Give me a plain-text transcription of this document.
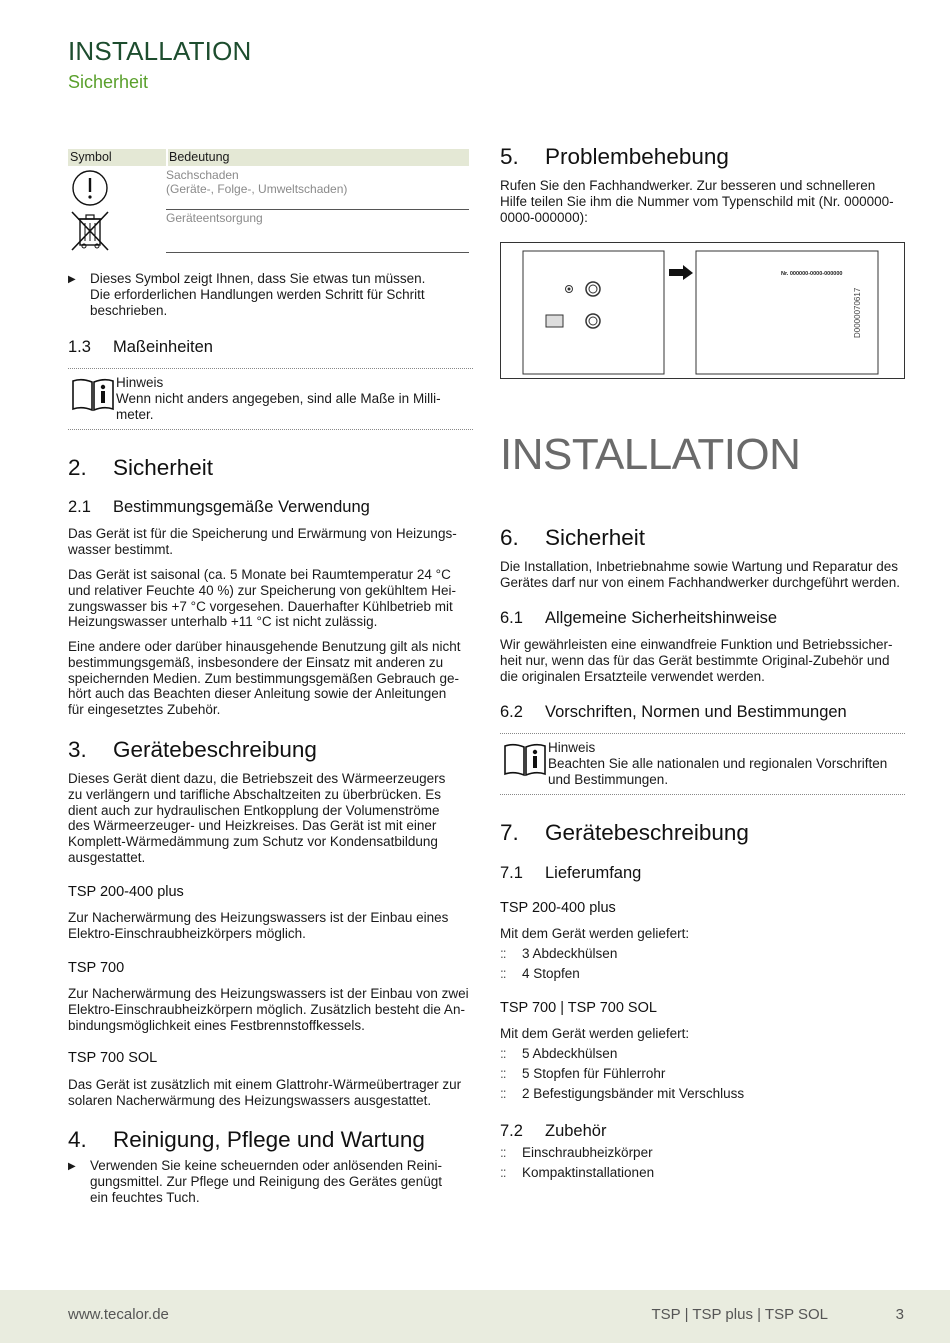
INSTALLATION
Sicherheit
Symbol	Bedeutung
Sachschaden
(Geräte-, Folge-, Umweltschaden)
Geräteentsorgung
▶	Dieses Symbol zeigt Ihnen, dass Sie etwas tun müssen.
Die erforderlichen Handlungen werden Schritt für Schritt
beschrieben.
1.3	Maßeinheiten
Hinweis
Wenn nicht anders angegeben, sind alle Maße in Milli-
meter.
2.	Sicherheit
2.1	Bestimmungsgemäße Verwendung
Das Gerät ist für die Speicherung und Erwärmung von Heizungs-
wasser bestimmt.
Das Gerät ist saisonal (ca. 5 Monate bei Raumtemperatur 24 °C
und relativer Feuchte 40 %) zur Speicherung von gekühltem Hei-
zungswasser bis +7 °C vorgesehen. Dauerhafter Kühlbetrieb mit
Heizungswasser unterhalb +11 °C ist nicht zulässig.
Eine andere oder darüber hinausgehende Benutzung gilt als nicht
bestimmungsgemäß, insbesondere der Einsatz mit anderen zu
speichernden Medien. Zum bestimmungsgemäßen Gebrauch ge-
hört auch das Beachten dieser Anleitung sowie der Anleitungen
für eingesetztes Zubehör.
3.	Gerätebeschreibung
Dieses Gerät dient dazu, die Betriebszeit des Wärmeerzeugers
zu verlängern und tarifliche Abschaltzeiten zu überbrücken. Es
dient auch zur hydraulischen Entkopplung der Volumenströme
des Wärmeerzeuger- und Heizkreises. Das Gerät ist mit einer
Komplett-Wärmedämmung zum Schutz vor Kondensatbildung
ausgestattet.
TSP 200-400 plus
Zur Nacherwärmung des Heizungswassers ist der Einbau eines
Elektro-Einschraubheizkörpers möglich.
TSP 700
Zur Nacherwärmung des Heizungswassers ist der Einbau von zwei
Elektro-Einschraubheizkörpern möglich. Zusätzlich besteht die An-
bindungsmöglichkeit eines Festbrennstoffkessels.
TSP 700 SOL
Das Gerät ist zusätzlich mit einem Glattrohr-Wärmeübertrager zur
solaren Nacherwärmung des Heizungswassers ausgestattet.
4.	Reinigung, Pflege und Wartung
▶	Verwenden Sie keine scheuernden oder anlösenden Reini-
gungsmittel. Zur Pflege und Reinigung des Gerätes genügt
ein feuchtes Tuch.
5.	Problembehebung
Rufen Sie den Fachhandwerker. Zur besseren und schnelleren
Hilfe teilen Sie ihm die Nummer vom Typenschild mit (Nr. 000000-
0000-000000):
Nr. 000000-0000-000000
D0000070617
INSTALLATION
6.	Sicherheit
Die Installation, Inbetriebnahme sowie Wartung und Reparatur des
Gerätes darf nur von einem Fachhandwerker durchgeführt werden.
6.1	Allgemeine Sicherheitshinweise
Wir gewährleisten eine einwandfreie Funktion und Betriebssicher-
heit nur, wenn das für das Gerät bestimmte Original-Zubehör und
die originalen Ersatzteile verwendet werden.
6.2	Vorschriften, Normen und Bestimmungen
Hinweis
Beachten Sie alle nationalen und regionalen Vorschriften
und Bestimmungen.
7.	Gerätebeschreibung
7.1	Lieferumfang
TSP 200-400 plus
Mit dem Gerät werden geliefert:
::	3 Abdeckhülsen
::	4 Stopfen
TSP 700 | TSP 700 SOL
Mit dem Gerät werden geliefert:
::	5 Abdeckhülsen
::	5 Stopfen für Fühlerrohr
::	2 Befestigungsbänder mit Verschluss
7.2	Zubehör
::	Einschraubheizkörper
::	Kompaktinstallationen
www.tecalor.de	TSP | TSP plus | TSP SOL	3
